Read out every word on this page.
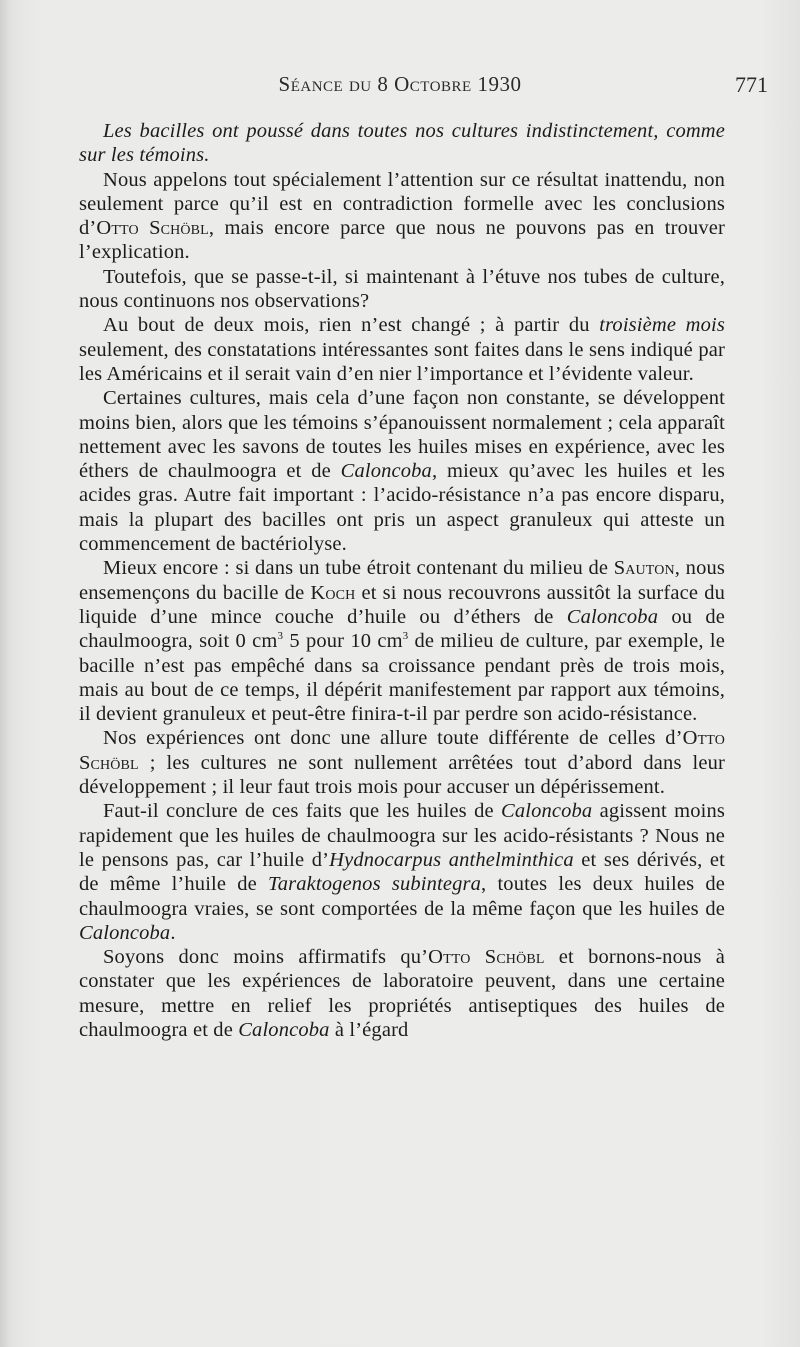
Séance du 8 Octobre 1930	771

Les bacilles ont poussé dans toutes nos cultures indistinctement, comme sur les témoins.

Nous appelons tout spécialement l’attention sur ce résultat inattendu, non seulement parce qu’il est en contradiction formelle avec les conclusions d’Otto Schöbl, mais encore parce que nous ne pouvons pas en trouver l’explication.

Toutefois, que se passe-t-il, si maintenant à l’étuve nos tubes de culture, nous continuons nos observations?

Au bout de deux mois, rien n’est changé ; à partir du troisième mois seulement, des constatations intéressantes sont faites dans le sens indiqué par les Américains et il serait vain d’en nier l’importance et l’évidente valeur.

Certaines cultures, mais cela d’une façon non constante, se développent moins bien, alors que les témoins s’épanouissent normalement ; cela apparaît nettement avec les savons de toutes les huiles mises en expérience, avec les éthers de chaulmoogra et de Caloncoba, mieux qu’avec les huiles et les acides gras. Autre fait important : l’acido-résistance n’a pas encore disparu, mais la plupart des bacilles ont pris un aspect granuleux qui atteste un commencement de bactériolyse.

Mieux encore : si dans un tube étroit contenant du milieu de Sauton, nous ensemençons du bacille de Koch et si nous recouvrons aussitôt la surface du liquide d’une mince couche d’huile ou d’éthers de Caloncoba ou de chaulmoogra, soit 0 $cm^3$ 5 pour 10 $cm^3$ de milieu de culture, par exemple, le bacille n’est pas empêché dans sa croissance pendant près de trois mois, mais au bout de ce temps, il dépérit manifestement par rapport aux témoins, il devient granuleux et peut-être finira-t-il par perdre son acido-résistance.

Nos expériences ont donc une allure toute différente de celles d’Otto Schöbl ; les cultures ne sont nullement arrêtées tout d’abord dans leur développement ; il leur faut trois mois pour accuser un dépérissement.

Faut-il conclure de ces faits que les huiles de Caloncoba agissent moins rapidement que les huiles de chaulmoogra sur les acido-résistants ? Nous ne le pensons pas, car l’huile d’Hydnocarpus anthelminthica et ses dérivés, et de même l’huile de Taraktogenos subintegra, toutes les deux huiles de chaulmoogra vraies, se sont comportées de la même façon que les huiles de Caloncoba.

Soyons donc moins affirmatifs qu’Otto Schöbl et bornons-nous à constater que les expériences de laboratoire peuvent, dans une certaine mesure, mettre en relief les propriétés antiseptiques des huiles de chaulmoogra et de Caloncoba à l’égard
